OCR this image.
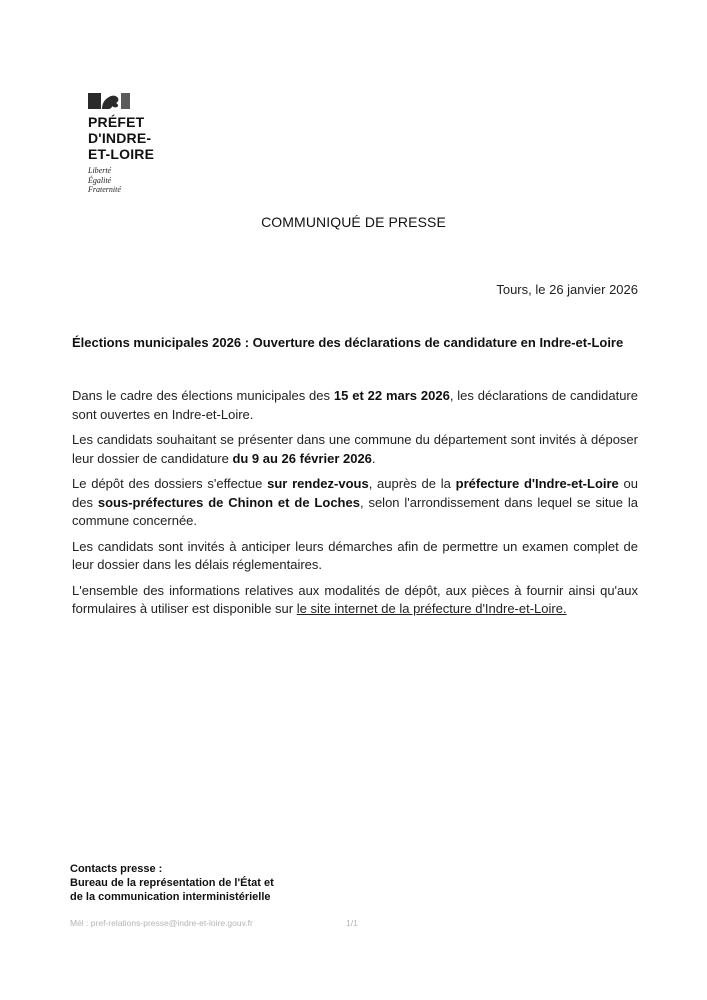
PRÉFET
D'INDRE-
ET-LOIRE
Liberté
Égalité
Fraternité
COMMUNIQUÉ DE PRESSE
Tours, le 26 janvier 2026
Élections municipales 2026 : Ouverture des déclarations de candidature en Indre-et-Loire

Dans le cadre des élections municipales des 15 et 22 mars 2026, les déclarations de candidature sont ouvertes en Indre-et-Loire.

Les candidats souhaitant se présenter dans une commune du département sont invités à déposer leur dossier de candidature du 9 au 26 février 2026.

Le dépôt des dossiers s'effectue sur rendez-vous, auprès de la préfecture d'Indre-et-Loire ou des sous-préfectures de Chinon et de Loches, selon l'arrondissement dans lequel se situe la commune concernée.

Les candidats sont invités à anticiper leurs démarches afin de permettre un examen complet de leur dossier dans les délais réglementaires.

L'ensemble des informations relatives aux modalités de dépôt, aux pièces à fournir ainsi qu'aux formulaires à utiliser est disponible sur le site internet de la préfecture d'Indre-et-Loire.

Contacts presse :
Bureau de la représentation de l'État et
de la communication interministérielle
Mél : pref-relations-presse@indre-et-loire.gouv.fr	1/1
